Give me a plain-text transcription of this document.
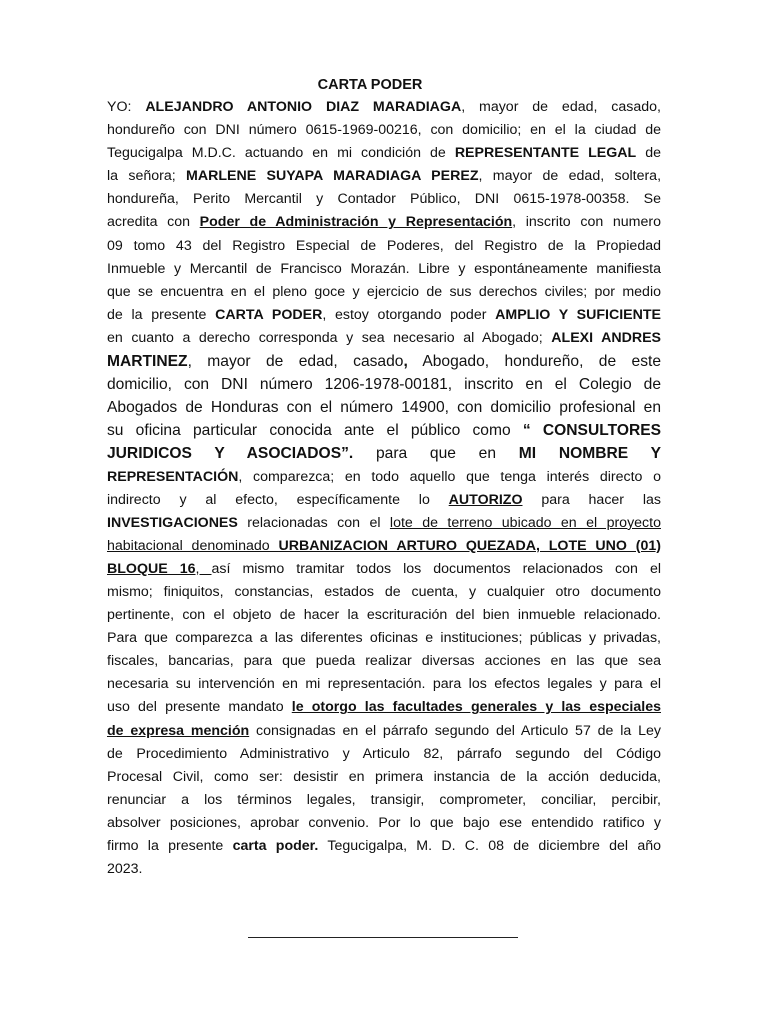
CARTA PODER
YO: ALEJANDRO ANTONIO DIAZ MARADIAGA, mayor de edad, casado,
hondureño con DNI número 0615-1969-00216, con domicilio; en el la ciudad de
Tegucigalpa M.D.C. actuando en mi condición de REPRESENTANTE LEGAL de
la señora; MARLENE SUYAPA MARADIAGA PEREZ, mayor de edad, soltera,
hondureña, Perito Mercantil y Contador Público, DNI 0615-1978-00358. Se
acredita con Poder de Administración y Representación, inscrito con numero
09 tomo 43 del Registro Especial de Poderes, del Registro de la Propiedad
Inmueble y Mercantil de Francisco Morazán. Libre y espontáneamente manifiesta
que se encuentra en el pleno goce y ejercicio de sus derechos civiles; por medio
de la presente CARTA PODER, estoy otorgando poder AMPLIO Y SUFICIENTE
en cuanto a derecho corresponda y sea necesario al Abogado; ALEXI ANDRES
MARTINEZ, mayor de edad, casado, Abogado, hondureño, de este
domicilio, con DNI número 1206-1978-00181, inscrito en el Colegio de
Abogados de Honduras con el número 14900, con domicilio profesional en
su oficina particular conocida ante el público como “ CONSULTORES
JURIDICOS Y ASOCIADOS”. para que en MI NOMBRE Y
REPRESENTACIÓN, comparezca; en todo aquello que tenga interés directo o
indirecto y al efecto, específicamente lo AUTORIZO para hacer las
INVESTIGACIONES relacionadas con el lote de terreno ubicado en el proyecto
habitacional denominado URBANIZACION ARTURO QUEZADA, LOTE UNO (01)
BLOQUE 16, así mismo tramitar todos los documentos relacionados con el
mismo; finiquitos, constancias, estados de cuenta, y cualquier otro documento
pertinente, con el objeto de hacer la escrituración del bien inmueble relacionado.
Para que comparezca a las diferentes oficinas e instituciones; públicas y privadas,
fiscales, bancarias, para que pueda realizar diversas acciones en las que sea
necesaria su intervención en mi representación. para los efectos legales y para el
uso del presente mandato le otorgo las facultades generales y las especiales
de expresa mención consignadas en el párrafo segundo del Articulo 57 de la Ley
de Procedimiento Administrativo y Articulo 82, párrafo segundo del Código
Procesal Civil, como ser: desistir en primera instancia de la acción deducida,
renunciar a los términos legales, transigir, comprometer, conciliar, percibir,
absolver posiciones, aprobar convenio. Por lo que bajo ese entendido ratifico y
firmo la presente carta poder. Tegucigalpa, M. D. C. 08 de diciembre del año
2023.
